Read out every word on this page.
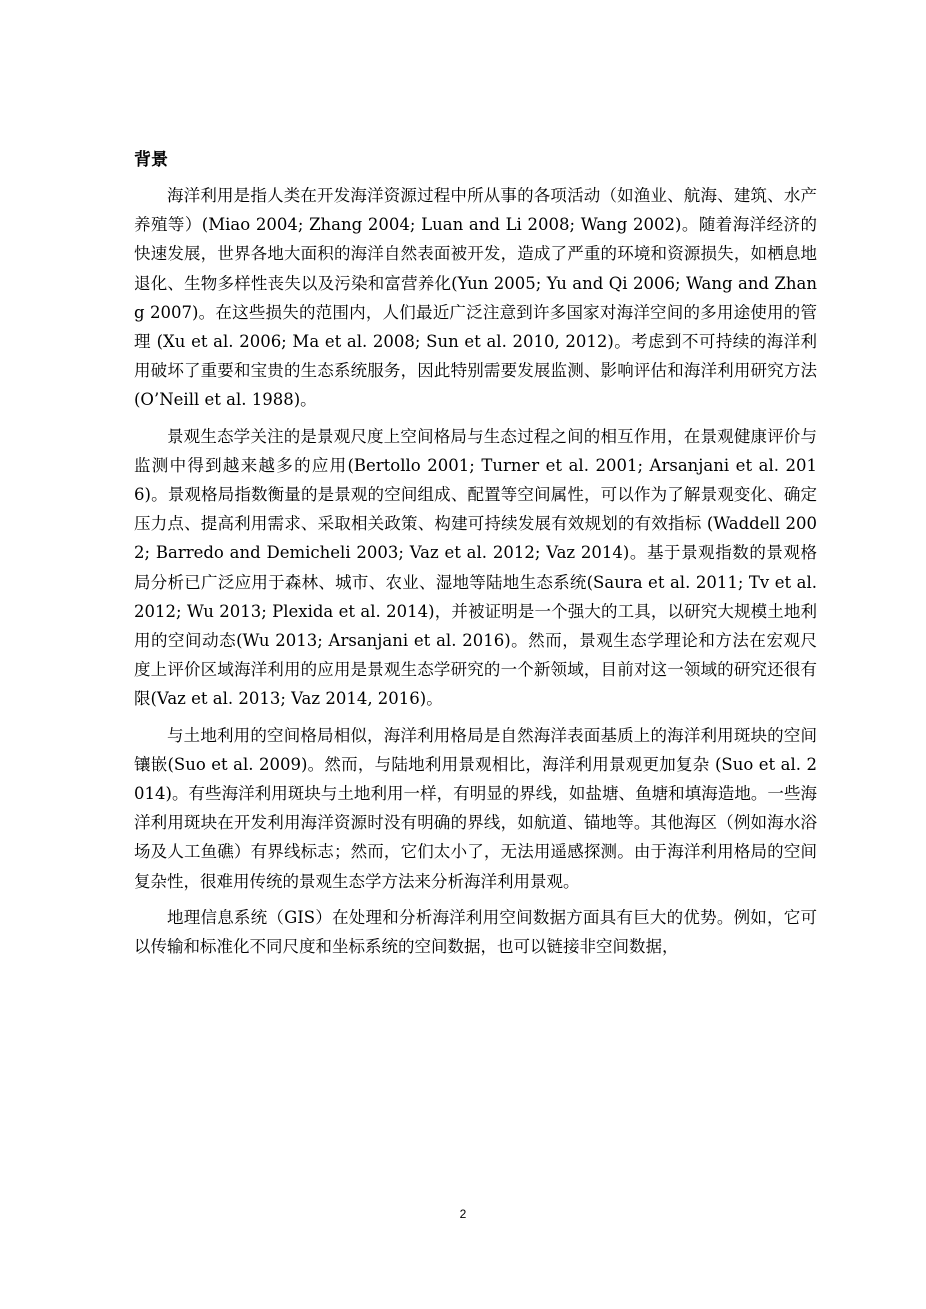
背景

海洋利用是指人类在开发海洋资源过程中所从事的各项活动（如渔业、航海、建筑、水产养殖等）(Miao 2004; Zhang 2004; Luan and Li 2008; Wang 2002)。随着海洋经济的快速发展，世界各地大面积的海洋自然表面被开发，造成了严重的环境和资源损失，如栖息地退化、生物多样性丧失以及污染和富营养化(Yun 2005; Yu and Qi 2006; Wang and Zhang 2007)。在这些损失的范围内，人们最近广泛注意到许多国家对海洋空间的多用途使用的管理 (Xu et al. 2006; Ma et al. 2008; Sun et al. 2010, 2012)。考虑到不可持续的海洋利用破坏了重要和宝贵的生态系统服务，因此特别需要发展监测、影响评估和海洋利用研究方法(O’Neill et al. 1988)。

景观生态学关注的是景观尺度上空间格局与生态过程之间的相互作用，在景观健康评价与监测中得到越来越多的应用(Bertollo 2001; Turner et al. 2001; Arsanjani et al. 2016)。景观格局指数衡量的是景观的空间组成、配置等空间属性，可以作为了解景观变化、确定压力点、提高利用需求、采取相关政策、构建可持续发展有效规划的有效指标 (Waddell 2002; Barredo and Demicheli 2003; Vaz et al. 2012; Vaz 2014)。基于景观指数的景观格局分析已广泛应用于森林、城市、农业、湿地等陆地生态系统(Saura et al. 2011; Tv et al. 2012; Wu 2013; Plexida et al. 2014)，并被证明是一个强大的工具，以研究大规模土地利用的空间动态(Wu 2013; Arsanjani et al. 2016)。然而，景观生态学理论和方法在宏观尺度上评价区域海洋利用的应用是景观生态学研究的一个新领域，目前对这一领域的研究还很有限(Vaz et al. 2013; Vaz 2014, 2016)。

与土地利用的空间格局相似，海洋利用格局是自然海洋表面基质上的海洋利用斑块的空间镶嵌(Suo et al. 2009)。然而，与陆地利用景观相比，海洋利用景观更加复杂 (Suo et al. 2014)。有些海洋利用斑块与土地利用一样，有明显的界线，如盐塘、鱼塘和填海造地。一些海洋利用斑块在开发利用海洋资源时没有明确的界线，如航道、锚地等。其他海区（例如海水浴场及人工鱼礁）有界线标志；然而，它们太小了，无法用遥感探测。由于海洋利用格局的空间复杂性，很难用传统的景观生态学方法来分析海洋利用景观。

地理信息系统（GIS）在处理和分析海洋利用空间数据方面具有巨大的优势。例如，它可以传输和标准化不同尺度和坐标系统的空间数据，也可以链接非空间数据，

2
